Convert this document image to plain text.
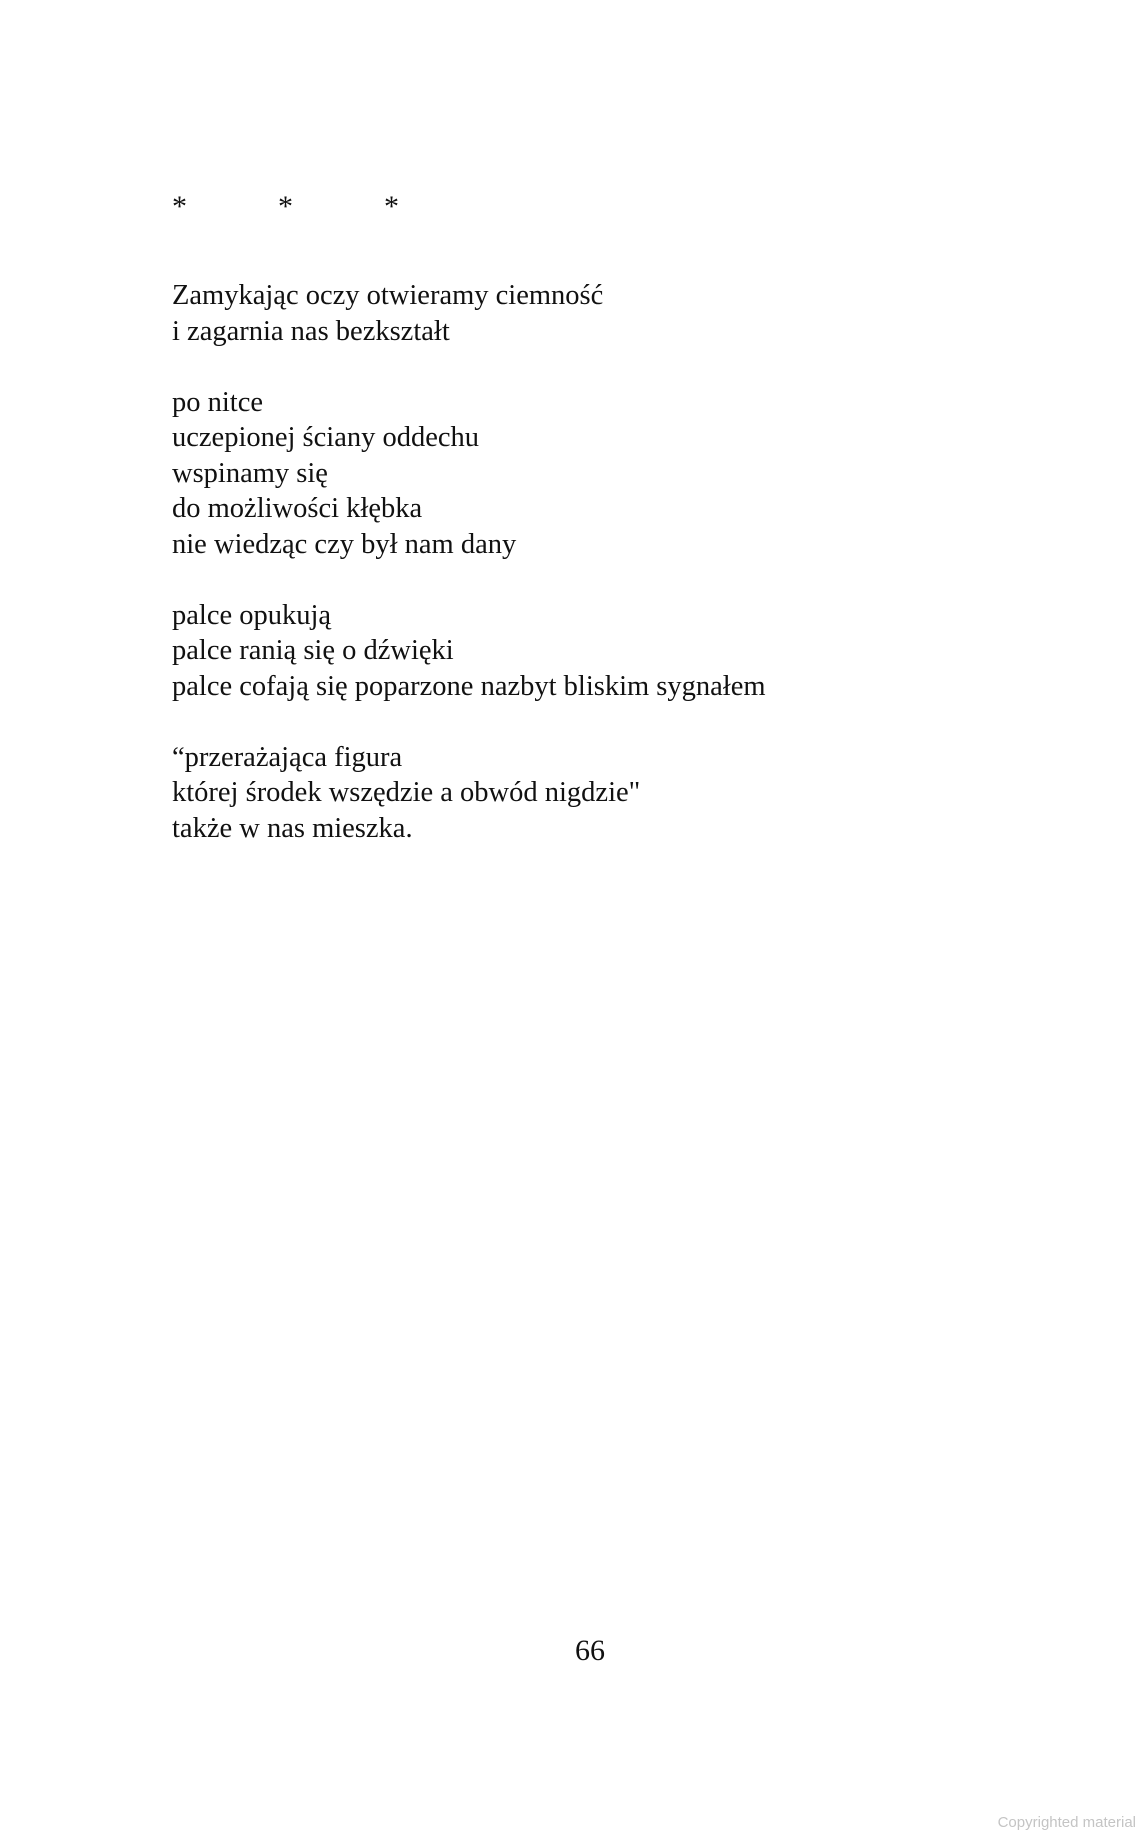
*	*	*
Zamykając oczy otwieramy ciemność
i zagarnia nas bezkształt
po nitce
uczepionej ściany oddechu
wspinamy się
do możliwości kłębka
nie wiedząc czy był nam dany
palce opukują
palce ranią się o dźwięki
palce cofają się poparzone nazbyt bliskim sygnałem
“przerażająca figura
której środek wszędzie a obwód nigdzie"
także w nas mieszka.
66
Copyrighted material
